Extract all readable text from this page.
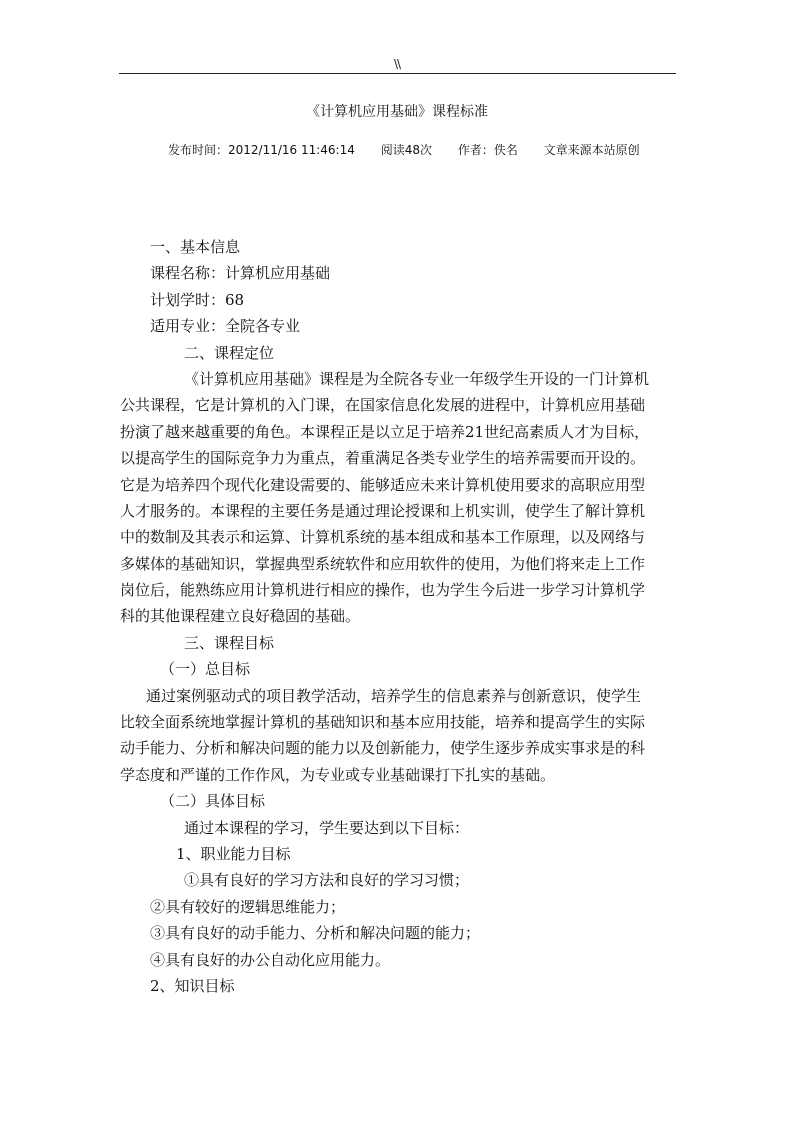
\\
《计算机应用基础》课程标准
发布时间：2012/11/16 11:46:14 阅读48次 作者：佚名 文章来源本站原创
一、基本信息
课程名称：计算机应用基础
计划学时：68
适用专业：全院各专业
二、课程定位
《计算机应用基础》课程是为全院各专业一年级学生开设的一门计算机
公共课程，它是计算机的入门课，在国家信息化发展的进程中，计算机应用基础
扮演了越来越重要的角色。本课程正是以立足于培养21世纪高素质人才为目标，
以提高学生的国际竞争力为重点，着重满足各类专业学生的培养需要而开设的。
它是为培养四个现代化建设需要的、能够适应未来计算机使用要求的高职应用型
人才服务的。本课程的主要任务是通过理论授课和上机实训，使学生了解计算机
中的数制及其表示和运算、计算机系统的基本组成和基本工作原理，以及网络与
多媒体的基础知识，掌握典型系统软件和应用软件的使用，为他们将来走上工作
岗位后，能熟练应用计算机进行相应的操作，也为学生今后进一步学习计算机学
科的其他课程建立良好稳固的基础。
三、课程目标
（一）总目标
通过案例驱动式的项目教学活动，培养学生的信息素养与创新意识，使学生
比较全面系统地掌握计算机的基础知识和基本应用技能，培养和提高学生的实际
动手能力、分析和解决问题的能力以及创新能力，使学生逐步养成实事求是的科
学态度和严谨的工作作风，为专业或专业基础课打下扎实的基础。
（二）具体目标
通过本课程的学习，学生要达到以下目标：
1、职业能力目标
①具有良好的学习方法和良好的学习习惯；
②具有较好的逻辑思维能力；
③具有良好的动手能力、分析和解决问题的能力；
④具有良好的办公自动化应用能力。
2、知识目标
